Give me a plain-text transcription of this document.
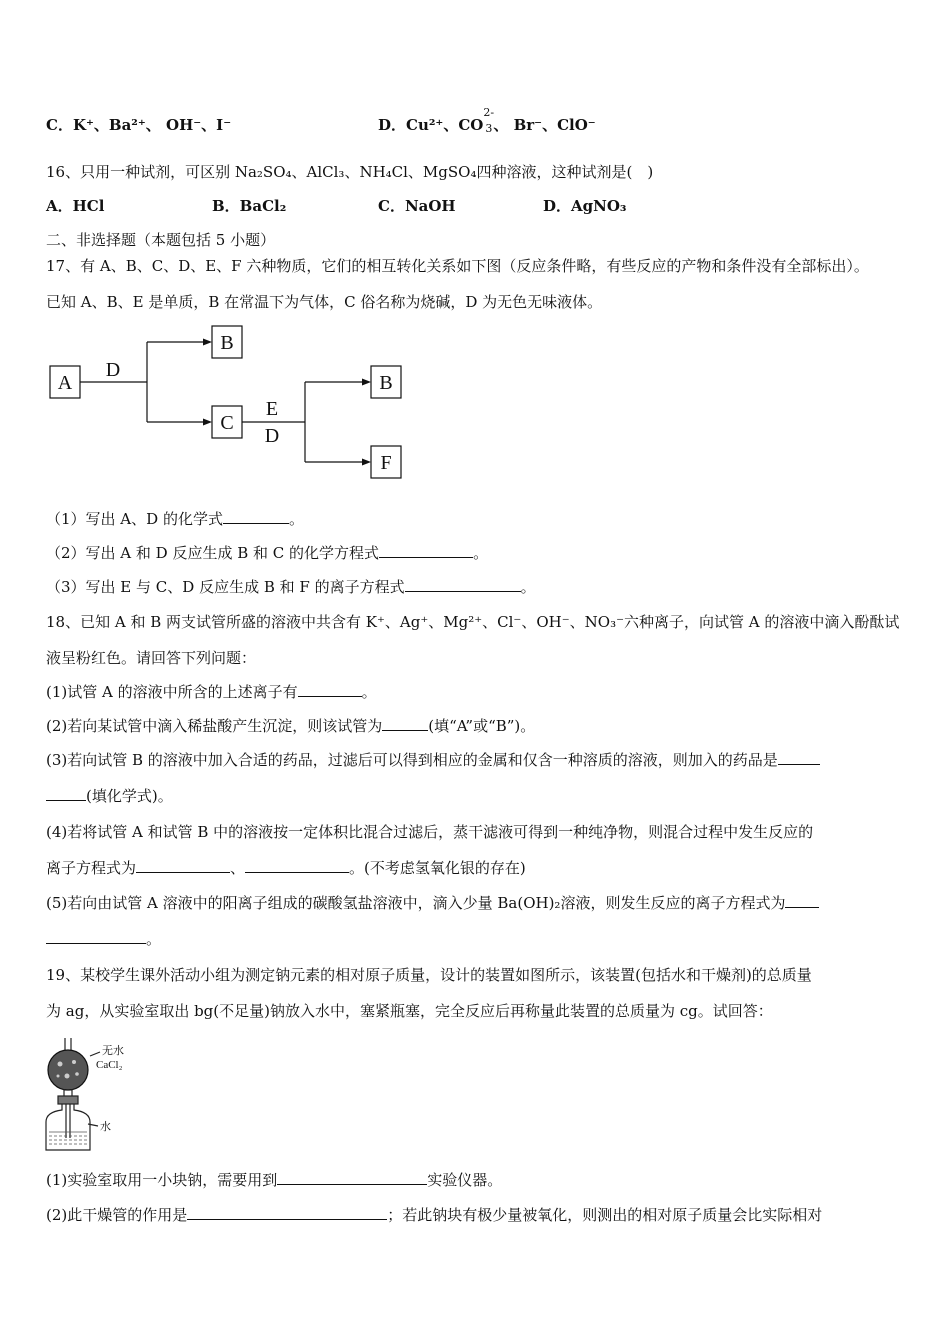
C．K⁺、Ba²⁺、 OH⁻、I⁻	D．Cu²⁺、CO
2-
3 、 Br⁻、ClO⁻
16、只用一种试剂，可区别 Na₂SO₄、AlCl₃、NH₄Cl、MgSO₄四种溶液，这种试剂是(　)
A．HCl	B．BaCl₂	C．NaOH	D．AgNO₃
二、非选择题（本题包括 5 小题）
17、有 A、B、C、D、E、F 六种物质，它们的相互转化关系如下图（反应条件略，有些反应的产物和条件没有全部标出）。
已知 A、B、E 是单质，B 在常温下为气体，C 俗名称为烧碱，D 为无色无味液体。
A
B
C
B
F
D
E
D
（1）写出 A、D 的化学式	。
（2）写出 A 和 D 反应生成 B 和 C 的化学方程式	。
（3）写出 E 与 C、D 反应生成 B 和 F 的离子方程式	。
18、已知 A 和 B 两支试管所盛的溶液中共含有 K⁺、Ag⁺、Mg²⁺、Cl⁻、OH⁻、NO₃⁻六种离子，向试管 A 的溶液中滴入酚酞试
液呈粉红色。请回答下列问题：
(1)试管 A 的溶液中所含的上述离子有	。
(2)若向某试管中滴入稀盐酸产生沉淀，则该试管为	(填“A”或“B”)。
(3)若向试管 B 的溶液中加入合适的药品，过滤后可以得到相应的金属和仅含一种溶质的溶液，则加入的药品是
(填化学式)。
(4)若将试管 A 和试管 B 中的溶液按一定体积比混合过滤后，蒸干滤液可得到一种纯净物，则混合过程中发生反应的
离子方程式为	、	。(不考虑氢氧化银的存在)
(5)若向由试管 A 溶液中的阳离子组成的碳酸氢盐溶液中，滴入少量 Ba(OH)₂溶液，则发生反应的离子方程式为
。
19、某校学生课外活动小组为测定钠元素的相对原子质量，设计的装置如图所示，该装置(包括水和干燥剂)的总质量
为 ag，从实验室取出 bg(不足量)钠放入水中，塞紧瓶塞，完全反应后再称量此装置的总质量为 cg。试回答：
无水
CaCl₂
水
(1)实验室取用一小块钠，需要用到	实验仪器。
(2)此干燥管的作用是	；若此钠块有极少量被氧化，则测出的相对原子质量会比实际相对
